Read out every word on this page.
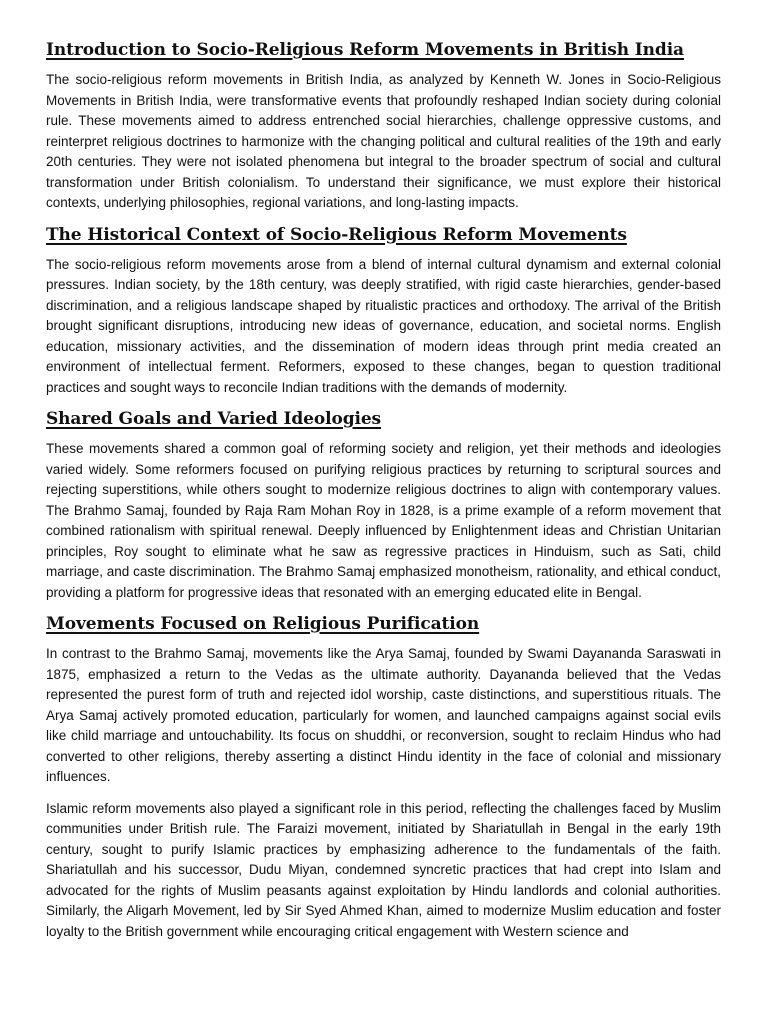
Introduction to Socio-Religious Reform Movements in British India

The socio-religious reform movements in British India, as analyzed by Kenneth W. Jones in Socio-Religious Movements in British India, were transformative events that profoundly reshaped Indian society during colonial rule. These movements aimed to address entrenched social hierarchies, challenge oppressive customs, and reinterpret religious doctrines to harmonize with the changing political and cultural realities of the 19th and early 20th centuries. They were not isolated phenomena but integral to the broader spectrum of social and cultural transformation under British colonialism. To understand their significance, we must explore their historical contexts, underlying philosophies, regional variations, and long-lasting impacts.

The Historical Context of Socio-Religious Reform Movements

The socio-religious reform movements arose from a blend of internal cultural dynamism and external colonial pressures. Indian society, by the 18th century, was deeply stratified, with rigid caste hierarchies, gender-based discrimination, and a religious landscape shaped by ritualistic practices and orthodoxy. The arrival of the British brought significant disruptions, introducing new ideas of governance, education, and societal norms. English education, missionary activities, and the dissemination of modern ideas through print media created an environment of intellectual ferment. Reformers, exposed to these changes, began to question traditional practices and sought ways to reconcile Indian traditions with the demands of modernity.

Shared Goals and Varied Ideologies

These movements shared a common goal of reforming society and religion, yet their methods and ideologies varied widely. Some reformers focused on purifying religious practices by returning to scriptural sources and rejecting superstitions, while others sought to modernize religious doctrines to align with contemporary values. The Brahmo Samaj, founded by Raja Ram Mohan Roy in 1828, is a prime example of a reform movement that combined rationalism with spiritual renewal. Deeply influenced by Enlightenment ideas and Christian Unitarian principles, Roy sought to eliminate what he saw as regressive practices in Hinduism, such as Sati, child marriage, and caste discrimination. The Brahmo Samaj emphasized monotheism, rationality, and ethical conduct, providing a platform for progressive ideas that resonated with an emerging educated elite in Bengal.

Movements Focused on Religious Purification

In contrast to the Brahmo Samaj, movements like the Arya Samaj, founded by Swami Dayananda Saraswati in 1875, emphasized a return to the Vedas as the ultimate authority. Dayananda believed that the Vedas represented the purest form of truth and rejected idol worship, caste distinctions, and superstitious rituals. The Arya Samaj actively promoted education, particularly for women, and launched campaigns against social evils like child marriage and untouchability. Its focus on shuddhi, or reconversion, sought to reclaim Hindus who had converted to other religions, thereby asserting a distinct Hindu identity in the face of colonial and missionary influences.

Islamic reform movements also played a significant role in this period, reflecting the challenges faced by Muslim communities under British rule. The Faraizi movement, initiated by Shariatullah in Bengal in the early 19th century, sought to purify Islamic practices by emphasizing adherence to the fundamentals of the faith. Shariatullah and his successor, Dudu Miyan, condemned syncretic practices that had crept into Islam and advocated for the rights of Muslim peasants against exploitation by Hindu landlords and colonial authorities. Similarly, the Aligarh Movement, led by Sir Syed Ahmed Khan, aimed to modernize Muslim education and foster loyalty to the British government while encouraging critical engagement with Western science and
